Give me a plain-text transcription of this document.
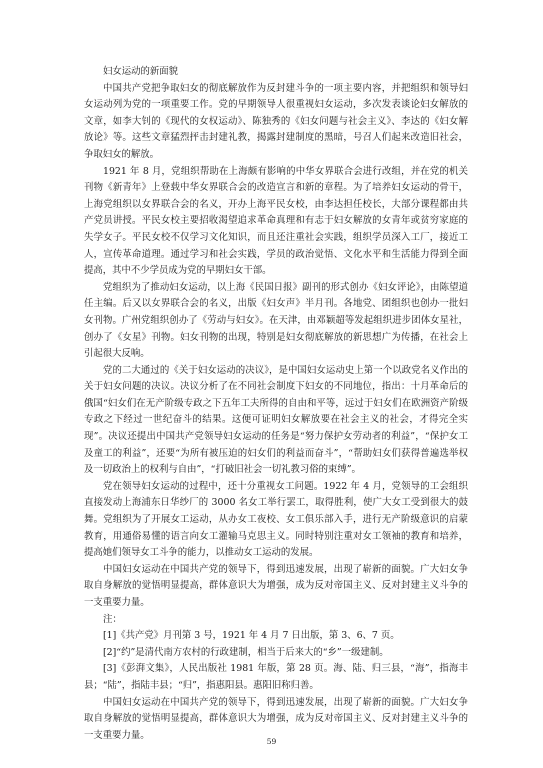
妇女运动的新面貌

中国共产党把争取妇女的彻底解放作为反封建斗争的一项主要内容，并把组织和领导妇女运动列为党的一项重要工作。党的早期领导人很重视妇女运动，多次发表谈论妇女解放的文章，如李大钊的《现代的女权运动》、陈独秀的《妇女问题与社会主义》、李达的《妇女解放论》等。这些文章猛烈抨击封建礼教，揭露封建制度的黑暗，号召人们起来改造旧社会，争取妇女的解放。

1921 年 8 月，党组织帮助在上海颇有影响的中华女界联合会进行改组，并在党的机关刊物《新青年》上登载中华女界联合会的改造宣言和新的章程。为了培养妇女运动的骨干，上海党组织以女界联合会的名义，开办上海平民女校，由李达担任校长，大部分课程都由共产党员讲授。平民女校主要招收渴望追求革命真理和有志于妇女解放的女青年或贫穷家庭的失学女子。平民女校不仅学习文化知识，而且还注重社会实践，组织学员深入工厂，接近工人，宣传革命道理。通过学习和社会实践，学员的政治觉悟、文化水平和生活能力得到全面提高，其中不少学员成为党的早期妇女干部。

党组织为了推动妇女运动，以上海《民国日报》副刊的形式创办《妇女评论》，由陈望道任主编。后又以女界联合会的名义，出版《妇女声》半月刊。各地党、团组织也创办一批妇女刊物。广州党组织创办了《劳动与妇女》。在天津，由邓颖超等发起组织进步团体女星社，创办了《女星》刊物。妇女刊物的出现，特别是妇女彻底解放的新思想广为传播，在社会上引起很大反响。

党的二大通过的《关于妇女运动的决议》，是中国妇女运动史上第一个以政党名义作出的关于妇女问题的决议。决议分析了在不同社会制度下妇女的不同地位，指出：十月革命后的俄国“妇女们在无产阶级专政之下五年工夫所得的自由和平等，远过于妇女们在欧洲资产阶级专政之下经过一世纪奋斗的结果。这便可证明妇女解放要在社会主义的社会，才得完全实现”。决议还提出中国共产党领导妇女运动的任务是“努力保护女劳动者的利益”，“保护女工及童工的利益”，还要“为所有被压迫的妇女们的利益而奋斗”，“帮助妇女们获得普遍选举权及一切政治上的权利与自由”，“打破旧社会一切礼教习俗的束缚”。

党在领导妇女运动的过程中，还十分重视女工问题。1922 年 4 月，党领导的工会组织直接发动上海浦东日华纱厂的 3000 名女工举行罢工，取得胜利，使广大女工受到很大的鼓舞。党组织为了开展女工运动，从办女工夜校、女工俱乐部入手，进行无产阶级意识的启蒙教育，用通俗易懂的语言向女工灌输马克思主义。同时特别注重对女工领袖的教育和培养，提高她们领导女工斗争的能力，以推动女工运动的发展。

中国妇女运动在中国共产党的领导下，得到迅速发展，出现了崭新的面貌。广大妇女争取自身解放的觉悟明显提高，群体意识大为增强，成为反对帝国主义、反对封建主义斗争的一支重要力量。

注：

[1]《共产党》月刊第 3 号，1921 年 4 月 7 日出版，第 3、6、7 页。

[2]“约”是清代南方农村的行政建制，相当于后来大的“乡”一级建制。

[3]《彭湃文集》，人民出版社 1981 年版，第 28 页。海、陆、归三县，“海”，指海丰县；“陆”，指陆丰县；“归”，指惠阳县。惠阳旧称归善。

中国妇女运动在中国共产党的领导下，得到迅速发展，出现了崭新的面貌。广大妇女争取自身解放的觉悟明显提高，群体意识大为增强，成为反对帝国主义、反对封建主义斗争的一支重要力量。

59
